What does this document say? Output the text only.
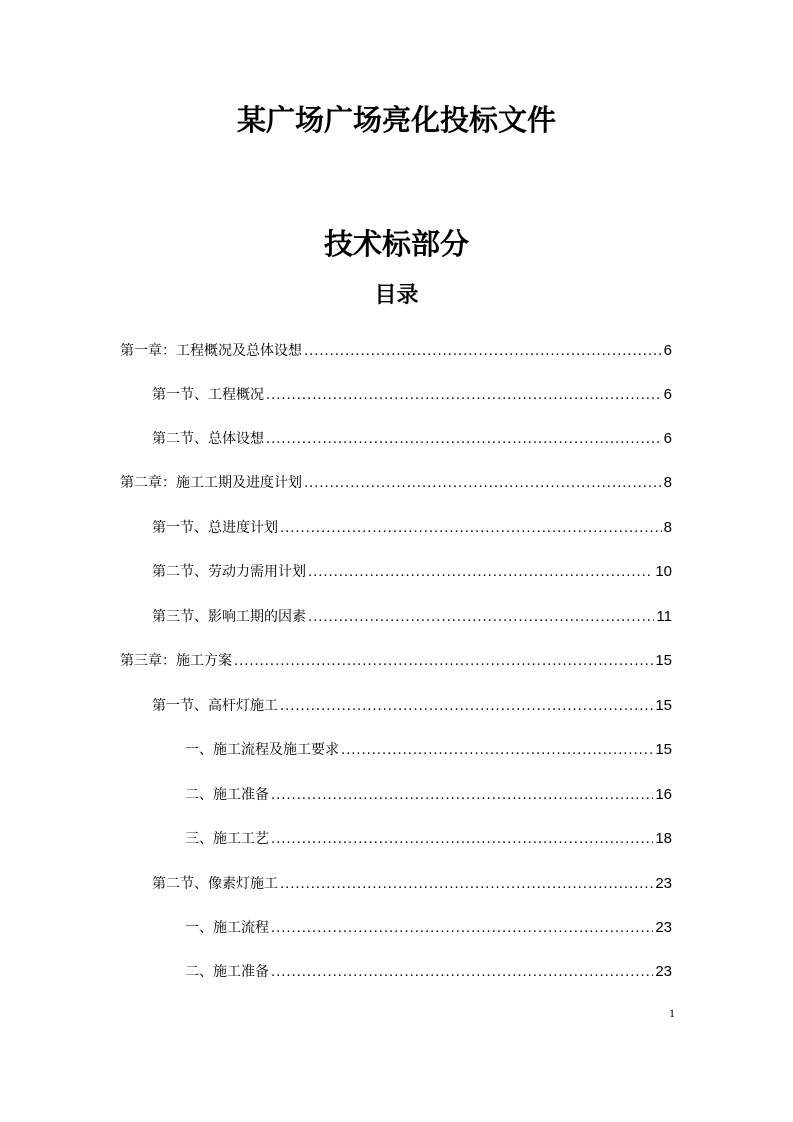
某广场广场亮化投标文件
技术标部分
目录
第一章：工程概况及总体设想 .....	6
第一节、工程概况 .....	6
第二节、总体设想 .....	6
第二章：施工工期及进度计划 .....	8
第一节、总进度计划 .....	8
第二节、劳动力需用计划 .....	10
第三节、影响工期的因素 .....	11
第三章：施工方案 .....	15
第一节、高杆灯施工 .....	15
一、施工流程及施工要求 .....	15
二、施工准备 .....	16
三、施工工艺 .....	18
第二节、像素灯施工 .....	23
一、施工流程 .....	23
二、施工准备 .....	23
1
